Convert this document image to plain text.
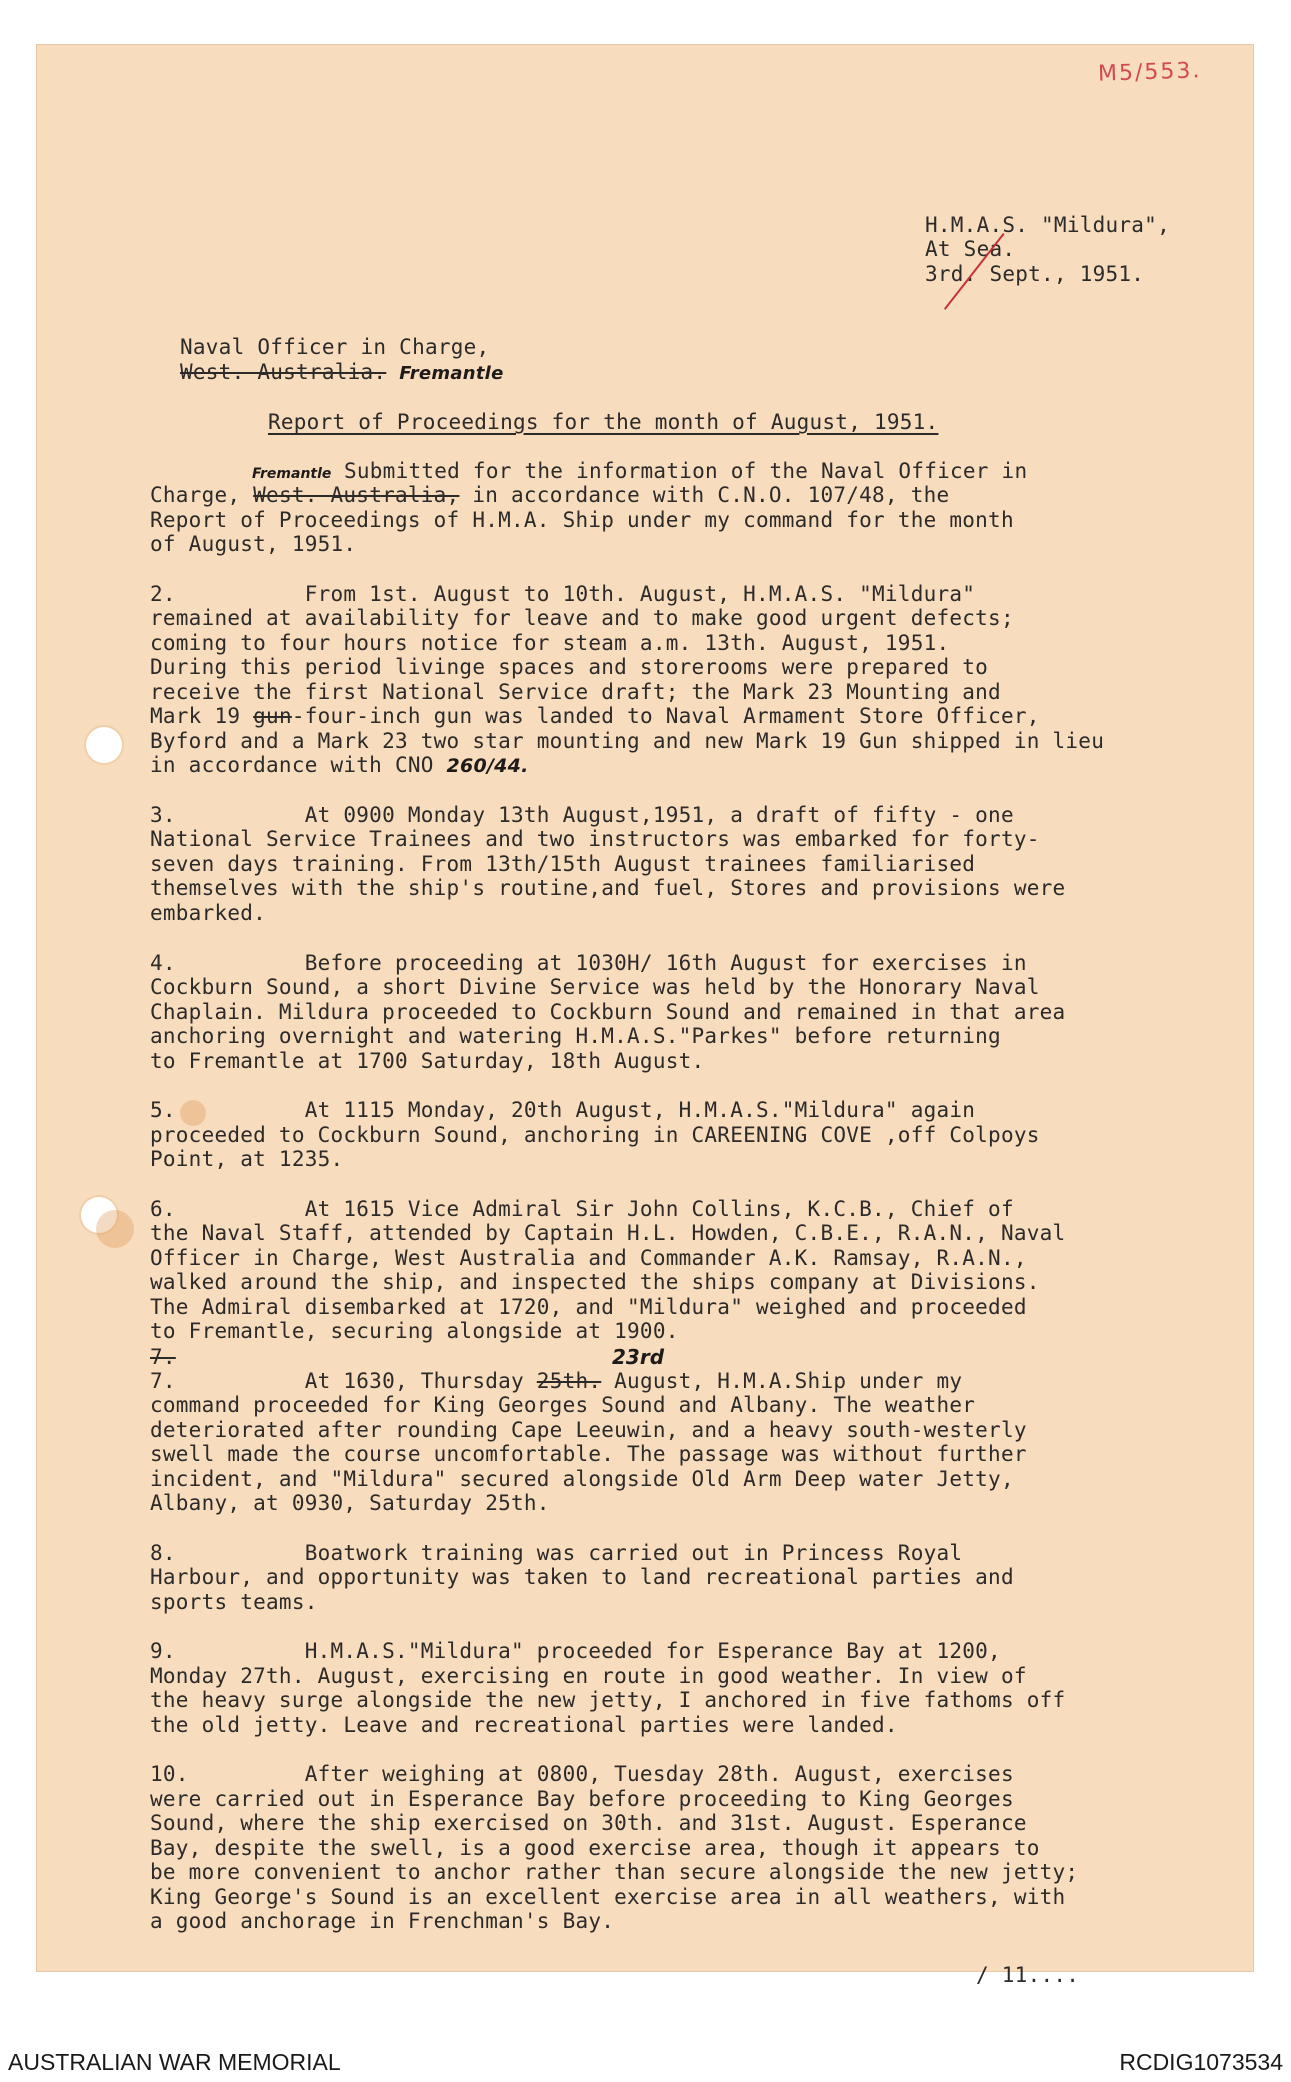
M5/553.
H.M.A.S. "Mildura",
At Sea.
3rd. Sept., 1951.
Naval Officer in Charge,
West. Australia. Fremantle
Report of Proceedings for the month of August, 1951.
Fremantle Submitted for the information of the Naval Officer in
Charge, West. Australia, in accordance with C.N.O. 107/48, the
Report of Proceedings of H.M.A. Ship under my command for the month
of August, 1951.
2.          From 1st. August to 10th. August, H.M.A.S. "Mildura"
remained at availability for leave and to make good urgent defects;
coming to four hours notice for steam a.m. 13th. August, 1951.
During this period livinge spaces and storerooms were prepared to
receive the first National Service draft; the Mark 23 Mounting and
Mark 19 gun-four-inch gun was landed to Naval Armament Store Officer,
Byford and a Mark 23 two star mounting and new Mark 19 Gun shipped in lieu
in accordance with CNO 260/44.
3.          At 0900 Monday 13th August,1951, a draft of fifty - one
National Service Trainees and two instructors was embarked for forty-
seven days training. From 13th/15th August trainees familiarised
themselves with the ship's routine,and fuel, Stores and provisions were
embarked.
4.          Before proceeding at 1030H/ 16th August for exercises in
Cockburn Sound, a short Divine Service was held by the Honorary Naval
Chaplain. Mildura proceeded to Cockburn Sound and remained in that area
anchoring overnight and watering H.M.A.S."Parkes" before returning
to Fremantle at 1700 Saturday, 18th August.
5.          At 1115 Monday, 20th August, H.M.A.S."Mildura" again
proceeded to Cockburn Sound, anchoring in CAREENING COVE ,off Colpoys
Point, at 1235.
6.          At 1615 Vice Admiral Sir John Collins, K.C.B., Chief of
the Naval Staff, attended by Captain H.L. Howden, C.B.E., R.A.N., Naval
Officer in Charge, West Australia and Commander A.K. Ramsay, R.A.N.,
walked around the ship, and inspected the ships company at Divisions.
The Admiral disembarked at 1720, and "Mildura" weighed and proceeded
to Fremantle, securing alongside at 1900.
7.	23rd
7.          At 1630, Thursday 25th. August, H.M.A.Ship under my
command proceeded for King Georges Sound and Albany. The weather
deteriorated after rounding Cape Leeuwin, and a heavy south-westerly
swell made the course uncomfortable. The passage was without further
incident, and "Mildura" secured alongside Old Arm Deep water Jetty,
Albany, at 0930, Saturday 25th.
8.          Boatwork training was carried out in Princess Royal
Harbour, and opportunity was taken to land recreational parties and
sports teams.
9.          H.M.A.S."Mildura" proceeded for Esperance Bay at 1200,
Monday 27th. August, exercising en route in good weather. In view of
the heavy surge alongside the new jetty, I anchored in five fathoms off
the old jetty. Leave and recreational parties were landed.
10.         After weighing at 0800, Tuesday 28th. August, exercises
were carried out in Esperance Bay before proceeding to King Georges
Sound, where the ship exercised on 30th. and 31st. August. Esperance
Bay, despite the swell, is a good exercise area, though it appears to
be more convenient to anchor rather than secure alongside the new jetty;
King George's Sound is an excellent exercise area in all weathers, with
a good anchorage in Frenchman's Bay.
/ 11....
AUSTRALIAN WAR MEMORIAL	RCDIG1073534
